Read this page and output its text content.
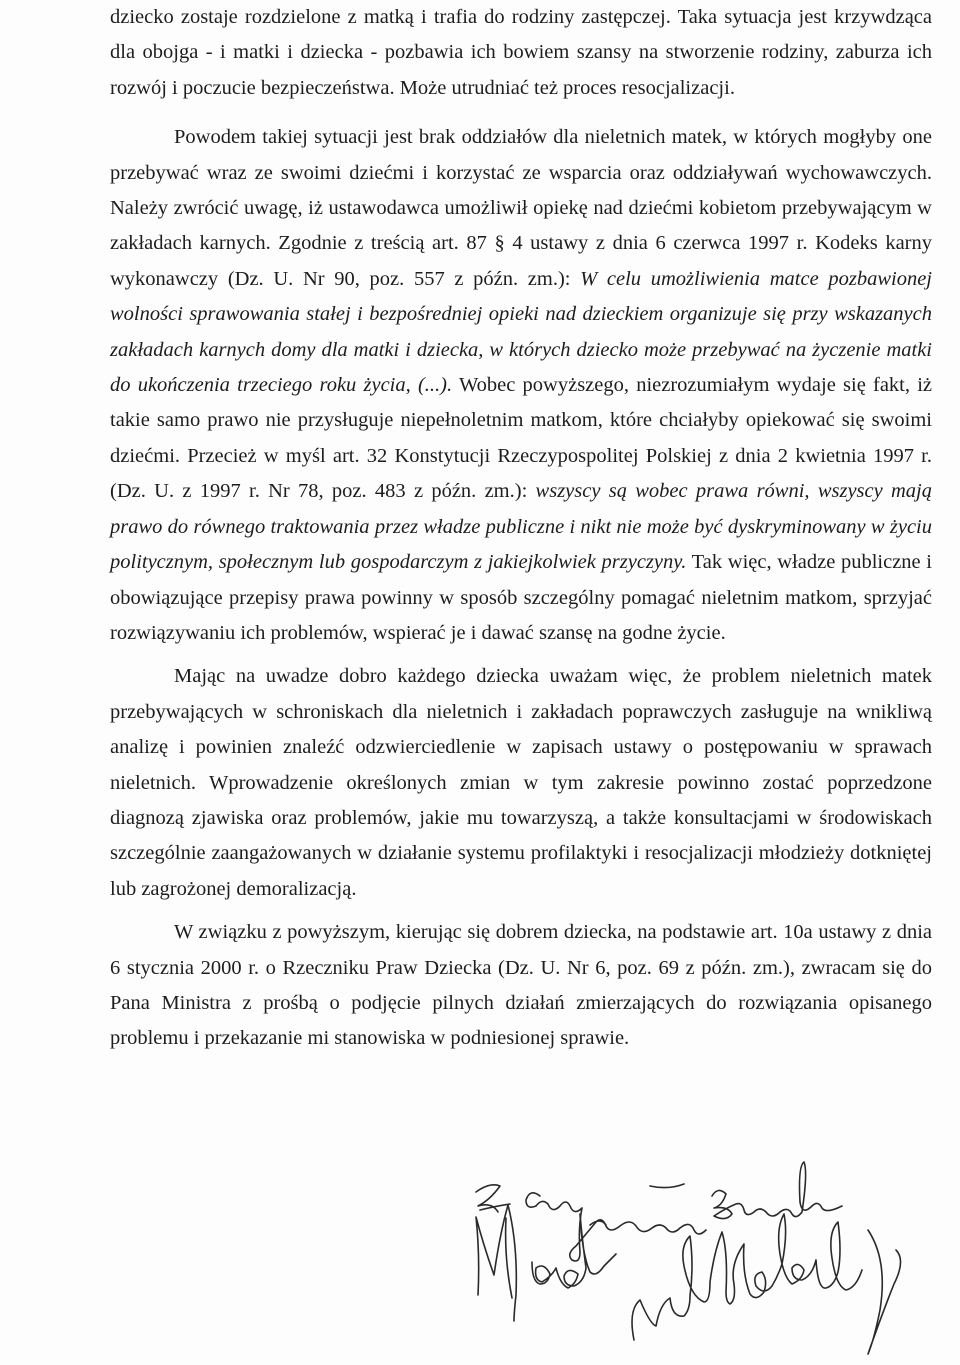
dziecko zostaje rozdzielone z matką i trafia do rodziny zastępczej. Taka sytuacja jest krzywdząca dla obojga - i matki i dziecka - pozbawia ich bowiem szansy na stworzenie rodziny, zaburza ich rozwój i poczucie bezpieczeństwa. Może utrudniać też proces resocjalizacji.

Powodem takiej sytuacji jest brak oddziałów dla nieletnich matek, w których mogłyby one przebywać wraz ze swoimi dziećmi i korzystać ze wsparcia oraz oddziaływań wychowawczych. Należy zwrócić uwagę, iż ustawodawca umożliwił opiekę nad dziećmi kobietom przebywającym w zakładach karnych. Zgodnie z treścią art. 87 § 4 ustawy z dnia 6 czerwca 1997 r. Kodeks karny wykonawczy (Dz. U. Nr 90, poz. 557 z późn. zm.): W celu umożliwienia matce pozbawionej wolności sprawowania stałej i bezpośredniej opieki nad dzieckiem organizuje się przy wskazanych zakładach karnych domy dla matki i dziecka, w których dziecko może przebywać na życzenie matki do ukończenia trzeciego roku życia, (...). Wobec powyższego, niezrozumiałym wydaje się fakt, iż takie samo prawo nie przysługuje niepełnoletnim matkom, które chciałyby opiekować się swoimi dziećmi. Przecież w myśl art. 32 Konstytucji Rzeczypospolitej Polskiej z dnia 2 kwietnia 1997 r. (Dz. U. z 1997 r. Nr 78, poz. 483 z późn. zm.): wszyscy są wobec prawa równi, wszyscy mają prawo do równego traktowania przez władze publiczne i nikt nie może być dyskryminowany w życiu politycznym, społecznym lub gospodarczym z jakiejkolwiek przyczyny. Tak więc, władze publiczne i obowiązujące przepisy prawa powinny w sposób szczególny pomagać nieletnim matkom, sprzyjać rozwiązywaniu ich problemów, wspierać je i dawać szansę na godne życie.

Mając na uwadze dobro każdego dziecka uważam więc, że problem nieletnich matek przebywających w schroniskach dla nieletnich i zakładach poprawczych zasługuje na wnikliwą analizę i powinien znaleźć odzwierciedlenie w zapisach ustawy o postępowaniu w sprawach nieletnich. Wprowadzenie określonych zmian w tym zakresie powinno zostać poprzedzone diagnozą zjawiska oraz problemów, jakie mu towarzyszą, a także konsultacjami w środowiskach szczególnie zaangażowanych w działanie systemu profilaktyki i resocjalizacji młodzieży dotkniętej lub zagrożonej demoralizacją.

W związku z powyższym, kierując się dobrem dziecka, na podstawie art. 10a ustawy z dnia 6 stycznia 2000 r. o Rzeczniku Praw Dziecka (Dz. U. Nr 6, poz. 69 z późn. zm.), zwracam się do Pana Ministra z prośbą o podjęcie pilnych działań zmierzających do rozwiązania opisanego problemu i przekazanie mi stanowiska w podniesionej sprawie.
